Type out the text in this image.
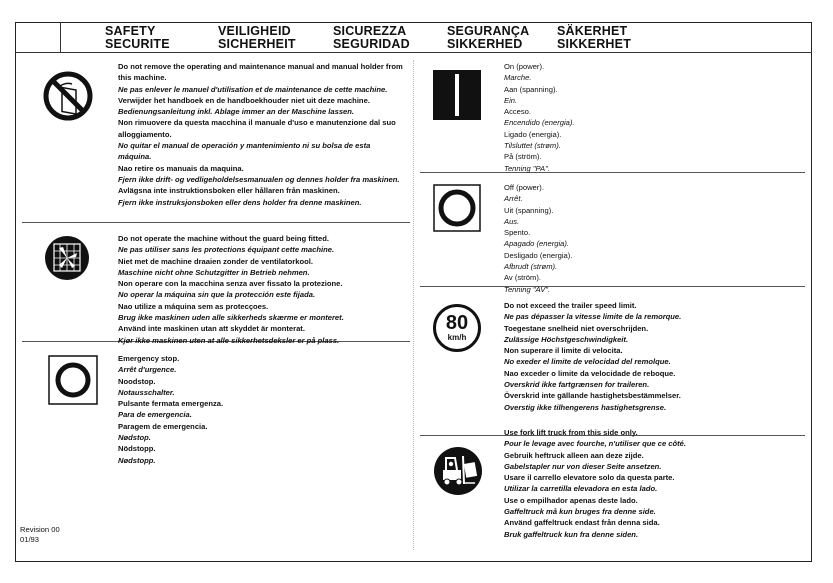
SAFETY
SECURITE
VEILIGHEID
SICHERHEIT
SICUREZZA
SEGURIDAD
SEGURANÇA
SIKKERHED
SÄKERHET
SIKKERHET
80
km/h
Do not remove the operating and maintenance manual and manual holder from this machine.
Ne pas enlever le manuel d'utilisation et de maintenance de cette machine.
Verwijder het handboek en de handboekhouder niet uit deze machine.
Bedienungsanleitung inkl. Ablage immer an der Maschine lassen.
Non rimuovere da questa macchina il manuale d'uso e manutenzione dal suo alloggiamento.
No quitar el manual de operación y mantenimiento ni su bolsa de esta máquina.
Nao retire os manuais da maquina.
Fjern ikke drift- og vedligeholdelsesmanualen og dennes holder fra maskinen.
Avlägsna inte instruktionsboken eller hållaren från maskinen.
Fjern ikke instruksjonsboken eller dens holder fra denne maskinen.
Do not operate the machine without the guard being fitted.
Ne pas utiliser sans les protections équipant cette machine.
Niet met de machine draaien zonder de ventilatorkool.
Maschine nicht ohne Schutzgitter in Betrieb nehmen.
Non operare con la macchina senza aver fissato la protezione.
No operar la máquina sin que la protección este fijada.
Nao utilize a máquina sem as protecçoes.
Brug ikke maskinen uden alle sikkerheds skærme er monteret.
Använd inte maskinen utan att skyddet är monterat.
Kjør ikke maskinen uten at alle sikkerhetsdeksler er på plass.
Emergency stop.
Arrêt d'urgence.
Noodstop.
Notausschalter.
Pulsante fermata emergenza.
Para de emergencia.
Paragem de emergencia.
Nødstop.
Nödstopp.
Nødstopp.
On (power).
Marche.
Aan (spanning).
Ein.
Acceso.
Encendido (energia).
Ligado (energia).
Tilsluttet (strøm).
På (ström).
Tenning "PA".
Off (power).
Arrêt.
Uit (spanning).
Aus.
Spento.
Apagado (energia).
Desligado (energia).
Afbrudt (strøm).
Av (ström).
Tenning "AV".
Do not exceed the trailer speed limit.
Ne pas dépasser la vitesse limite de la remorque.
Toegestane snelheid niet overschrijden.
Zulässige Höchstgeschwindigkeit.
Non superare il limite di velocita.
No exeder el limite de velocidad del remolque.
Nao exceder o limite da velocidade de reboque.
Overskrid ikke fartgrænsen for traileren.
Överskrid inte gällande hastighetsbestämmelser.
Overstig ikke tilhengerens hastighetsgrense.
Use fork lift truck from this side only.
Pour le levage avec fourche, n'utiliser que ce côté.
Gebruik heftruck alleen aan deze zijde.
Gabelstapler nur von dieser Seite ansetzen.
Usare il carrello elevatore solo da questa parte.
Utilizar la carretilla elevadora en esta lado.
Use o empilhador apenas deste lado.
Gaffeltruck må kun bruges fra denne side.
Använd gaffeltruck endast från denna sida.
Bruk gaffeltruck kun fra denne siden.
Revision 00
01/93
